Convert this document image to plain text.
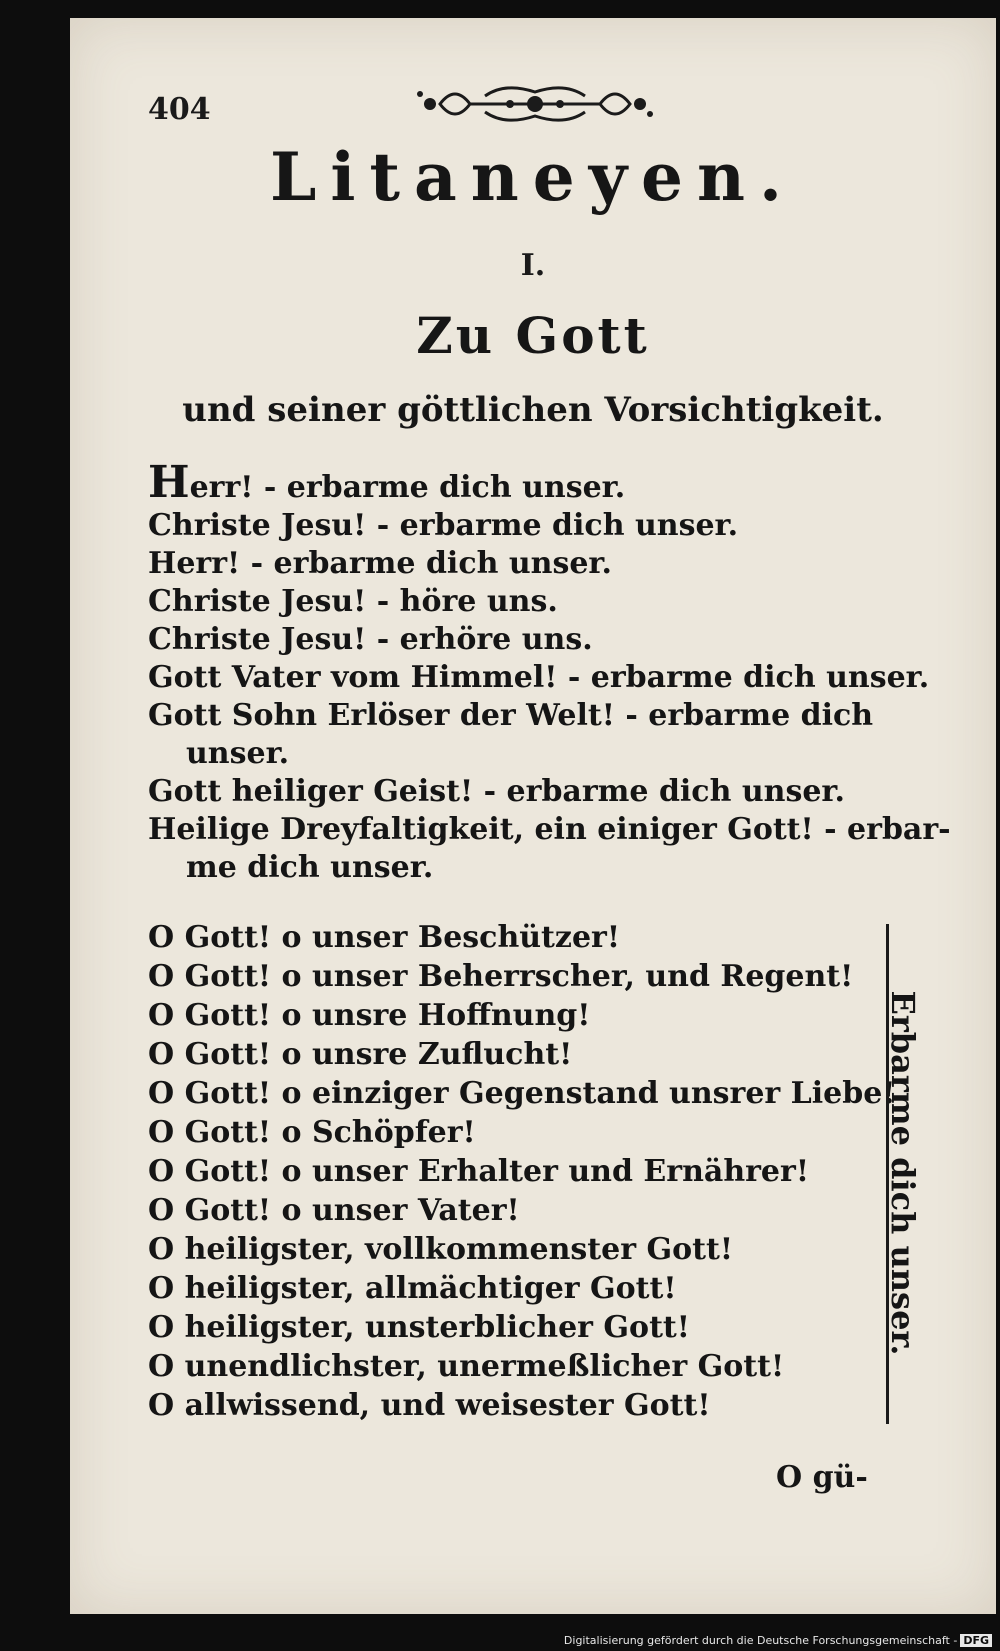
404
Litaneyen.
I.
Zu Gott
und seiner göttlichen Vorsichtigkeit.
Herr! - erbarme dich unser.
Christe Jesu! - erbarme dich unser.
Herr! - erbarme dich unser.
Christe Jesu! - höre uns.
Christe Jesu! - erhöre uns.
Gott Vater vom Himmel! - erbarme dich unser.
Gott Sohn Erlöser der Welt! - erbarme dich
unser.
Gott heiliger Geist! - erbarme dich unser.
Heilige Dreyfaltigkeit, ein einiger Gott! - erbar-
me dich unser.
O Gott! o unser Beschützer!
O Gott! o unser Beherrscher, und Regent!
O Gott! o unsre Hoffnung!
O Gott! o unsre Zuflucht!
O Gott! o einziger Gegenstand unsrer Liebe!
O Gott! o Schöpfer!
O Gott! o unser Erhalter und Ernährer!
O Gott! o unser Vater!
O heiligster, vollkommenster Gott!
O heiligster, allmächtiger Gott!
O heiligster, unsterblicher Gott!
O unendlichster, unermeßlicher Gott!
O allwissend, und weisester Gott!
Erbarme dich unser.
O gü-
Digitalisierung gefördert durch die Deutsche Forschungsgemeinschaft - DFG
